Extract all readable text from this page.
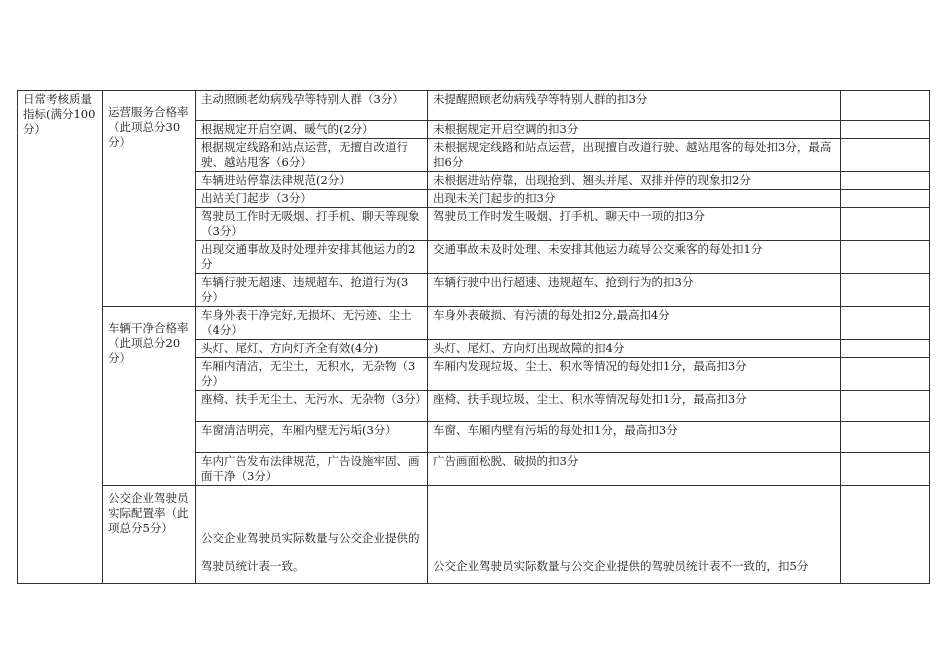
日常考核质量指标(满分100分）	运营服务合格率（此项总分30分）	主动照顾老幼病残孕等特别人群（3分）	未提醒照顾老幼病残孕等特别人群的扣3分	
		根据规定开启空调、暖气的(2分）	未根据规定开启空调的扣3分	
		根据规定线路和站点运营，无擅自改道行驶、越站甩客（6分）	未根据规定线路和站点运营，出现擅自改道行驶、越站甩客的每处扣3分，最高扣6分	
		车辆进站停靠法律规范(2分）	未根据进站停靠，出现抢到、翘头并尾、双排并停的现象扣2分	
		出站关门起步（3分）	出现未关门起步的扣3分	
		驾驶员工作时无吸烟、打手机、聊天等现象（3分）	驾驶员工作时发生吸烟、打手机、聊天中一项的扣3分	
		出现交通事故及时处理并安排其他运力的2分	交通事故未及时处理、未安排其他运力疏导公交乘客的每处扣1分	
		车辆行驶无超速、违规超车、抢道行为(3分）	车辆行驶中出行超速、违规超车、抢到行为的扣3分	
	车辆干净合格率（此项总分20分）	车身外表干净完好,无损坏、无污迹、尘土（4分）	车身外表破损、有污渍的每处扣2分,最高扣4分	
		头灯、尾灯、方向灯齐全有效(4分)	头灯、尾灯、方向灯出现故障的扣4分	
		车厢内清洁，无尘土，无积水，无杂物（3分）	车厢内发现垃圾、尘土、积水等情况的每处扣1分，最高扣3分	
		座椅、扶手无尘土、无污水、无杂物（3分）	座椅、扶手现垃圾、尘土、积水等情况每处扣1分，最高扣3分	
		车窗清洁明亮，车厢内壁无污垢(3分）	车窗、车厢内壁有污垢的每处扣1分，最高扣3分	
		车内广告发布法律规范，广告设施牢固、画面干净（3分）	广告画面松脱、破损的扣3分	
	公交企业驾驶员实际配置率（此项总分5分）	公交企业驾驶员实际数量与公交企业提供的驾驶员统计表一致。	公交企业驾驶员实际数量与公交企业提供的驾驶员统计表不一致的，扣5分	
